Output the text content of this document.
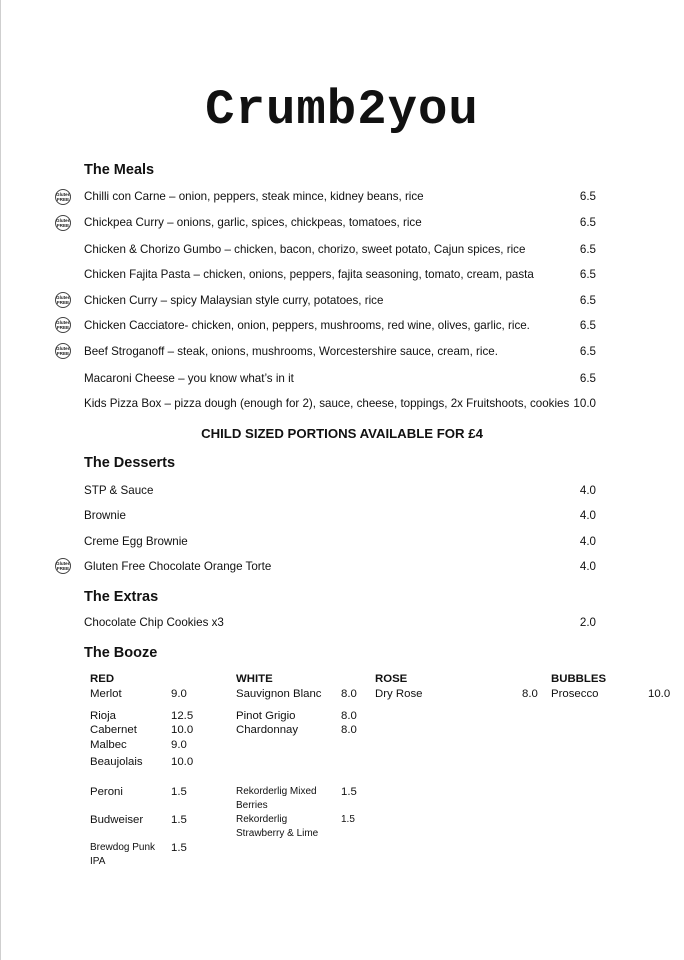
Crumb2you
The Meals
Gluten
FREE Chilli con Carne – onion, peppers, steak mince, kidney beans, rice	6.5
Gluten
FREE Chickpea Curry – onions, garlic, spices, chickpeas, tomatoes, rice	6.5
Chicken & Chorizo Gumbo – chicken, bacon, chorizo, sweet potato, Cajun spices, rice	6.5
Chicken Fajita Pasta – chicken, onions, peppers, fajita seasoning, tomato, cream, pasta	6.5
Gluten
FREE Chicken Curry – spicy Malaysian style curry, potatoes, rice	6.5
Gluten
FREE Chicken Cacciatore- chicken, onion, peppers, mushrooms, red wine, olives, garlic, rice.	6.5
Gluten
FREE Beef Stroganoff – steak, onions, mushrooms, Worcestershire sauce, cream, rice.	6.5
Macaroni Cheese – you know what’s in it	6.5
Kids Pizza Box – pizza dough (enough for 2), sauce, cheese, toppings, 2x Fruitshoots, cookies 10.0
CHILD SIZED PORTIONS AVAILABLE FOR £4
The Desserts
STP & Sauce	4.0
Brownie	4.0
Creme Egg Brownie	4.0
Gluten
FREE Gluten Free Chocolate Orange Torte	4.0
The Extras
Chocolate Chip Cookies x3	2.0
The Booze
RED
Merlot	9.0
Rioja	12.5
Cabernet	10.0
Malbec	9.0
Beaujolais 10.0
Peroni	1.5
Budweiser 1.5
Brewdog Punk IPA
1.5
WHITE
Sauvignon Blanc 8.0
Pinot Grigio	8.0
Chardonnay	8.0
Rekorderlig Mixed Berries
1.5
Rekorderlig Strawberry & Lime
1.5
ROSE
Dry Rose	8.0
BUBBLES
Prosecco	10.0
